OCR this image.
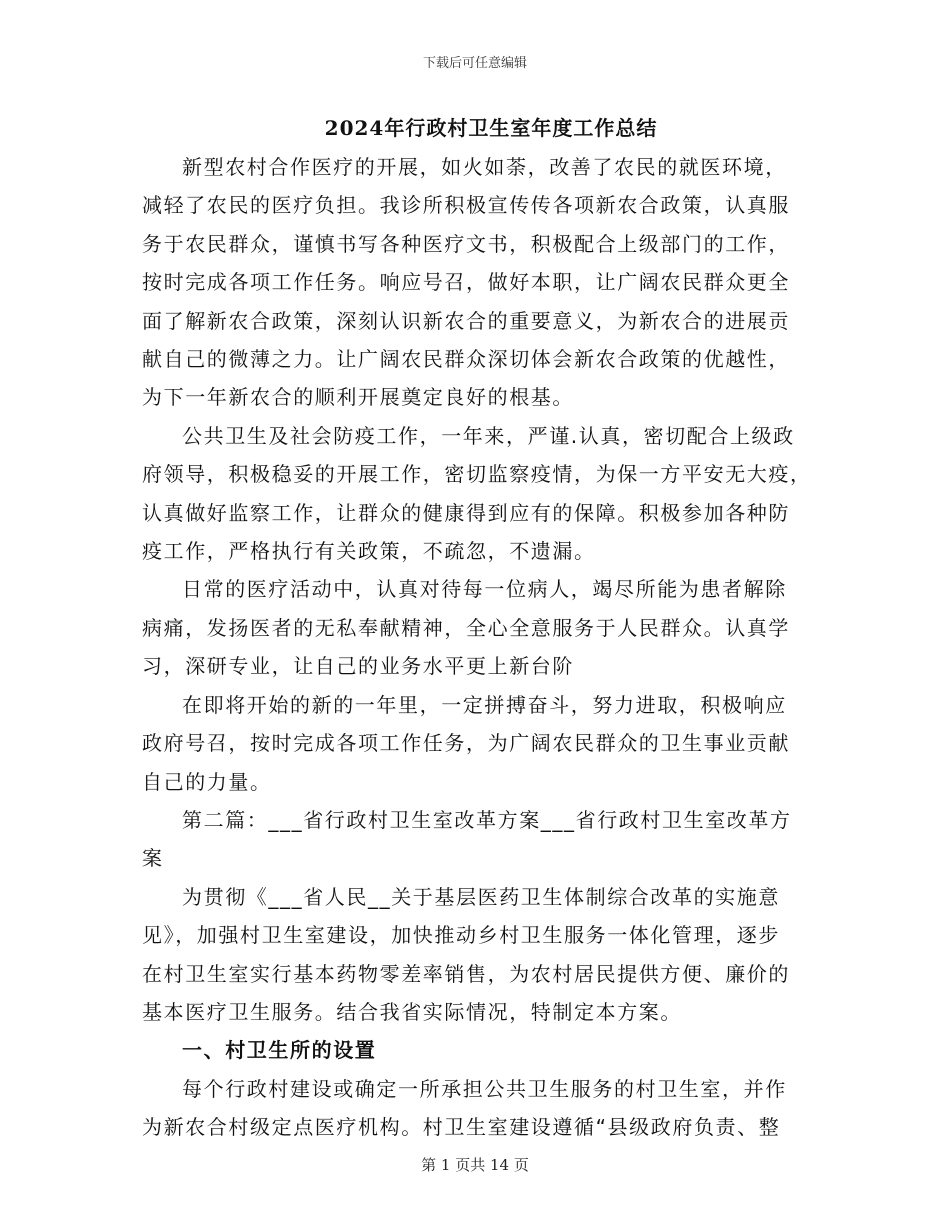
下载后可任意编辑
2024年行政村卫生室年度工作总结
新型农村合作医疗的开展，如火如荼，改善了农民的就医环境，
减轻了农民的医疗负担。我诊所积极宣传传各项新农合政策，认真服
务于农民群众，谨慎书写各种医疗文书，积极配合上级部门的工作，
按时完成各项工作任务。响应号召，做好本职，让广阔农民群众更全
面了解新农合政策，深刻认识新农合的重要意义，为新农合的进展贡
献自己的微薄之力。让广阔农民群众深切体会新农合政策的优越性，
为下一年新农合的顺利开展奠定良好的根基。
公共卫生及社会防疫工作，一年来，严谨.认真，密切配合上级政
府领导，积极稳妥的开展工作，密切监察疫情，为保一方平安无大疫，
认真做好监察工作，让群众的健康得到应有的保障。积极参加各种防
疫工作，严格执行有关政策，不疏忽，不遗漏。
日常的医疗活动中，认真对待每一位病人，竭尽所能为患者解除
病痛，发扬医者的无私奉献精神，全心全意服务于人民群众。认真学
习，深研专业，让自己的业务水平更上新台阶
在即将开始的新的一年里，一定拼搏奋斗，努力进取，积极响应
政府号召，按时完成各项工作任务，为广阔农民群众的卫生事业贡献
自己的力量。
第二篇：___省行政村卫生室改革方案___省行政村卫生室改革方
案
为贯彻《___省人民__关于基层医药卫生体制综合改革的实施意
见》，加强村卫生室建设，加快推动乡村卫生服务一体化管理，逐步
在村卫生室实行基本药物零差率销售，为农村居民提供方便、廉价的
基本医疗卫生服务。结合我省实际情况，特制定本方案。
一、村卫生所的设置
每个行政村建设或确定一所承担公共卫生服务的村卫生室，并作
为新农合村级定点医疗机构。村卫生室建设遵循“县级政府负责、整
第 1 页共 14 页
